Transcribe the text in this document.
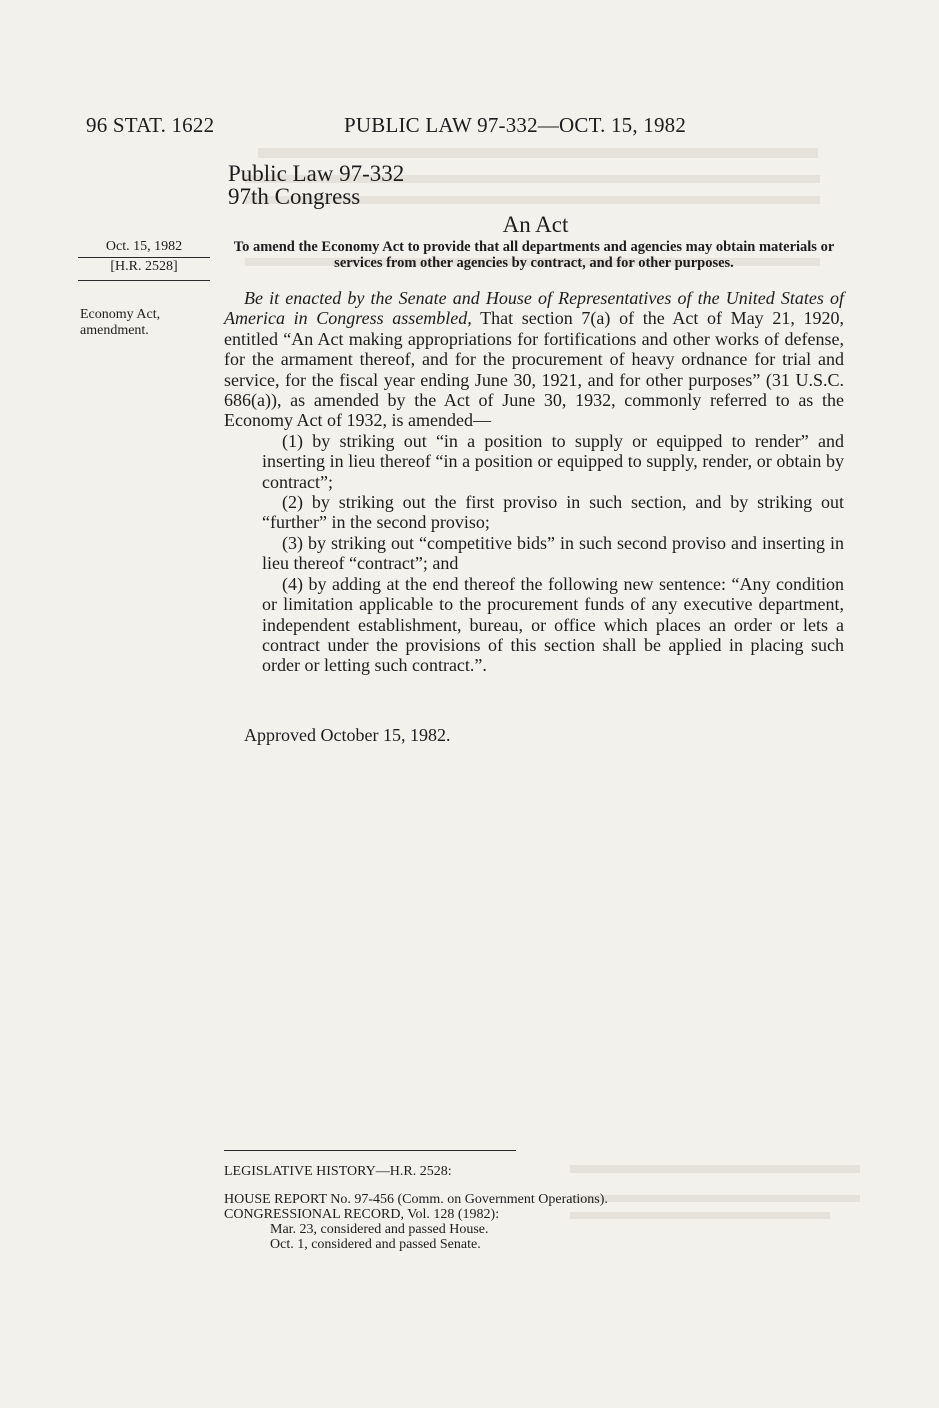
96 STAT. 1622	PUBLIC LAW 97-332—OCT. 15, 1982
Public Law 97-332
97th Congress
An Act
To amend the Economy Act to provide that all departments and agencies may obtain materials or services from other agencies by contract, and for other purposes.
Oct. 15, 1982
[H.R. 2528]
Economy Act,
amendment.

Be it enacted by the Senate and House of Representatives of the United States of America in Congress assembled, That section 7(a) of the Act of May 21, 1920, entitled “An Act making appropriations for fortifications and other works of defense, for the armament thereof, and for the procurement of heavy ordnance for trial and service, for the fiscal year ending June 30, 1921, and for other purposes” (31 U.S.C. 686(a)), as amended by the Act of June 30, 1932, commonly referred to as the Economy Act of 1932, is amended—

(1) by striking out “in a position to supply or equipped to render” and inserting in lieu thereof “in a position or equipped to supply, render, or obtain by contract”;

(2) by striking out the first proviso in such section, and by striking out “further” in the second proviso;

(3) by striking out “competitive bids” in such second proviso and inserting in lieu thereof “contract”; and

(4) by adding at the end thereof the following new sentence: “Any condition or limitation applicable to the procurement funds of any executive department, independent establishment, bureau, or office which places an order or lets a contract under the provisions of this section shall be applied in placing such order or letting such contract.”.

Approved October 15, 1982.
LEGISLATIVE HISTORY—H.R. 2528:
HOUSE REPORT No. 97-456 (Comm. on Government Operations).
CONGRESSIONAL RECORD, Vol. 128 (1982):
Mar. 23, considered and passed House.
Oct. 1, considered and passed Senate.
